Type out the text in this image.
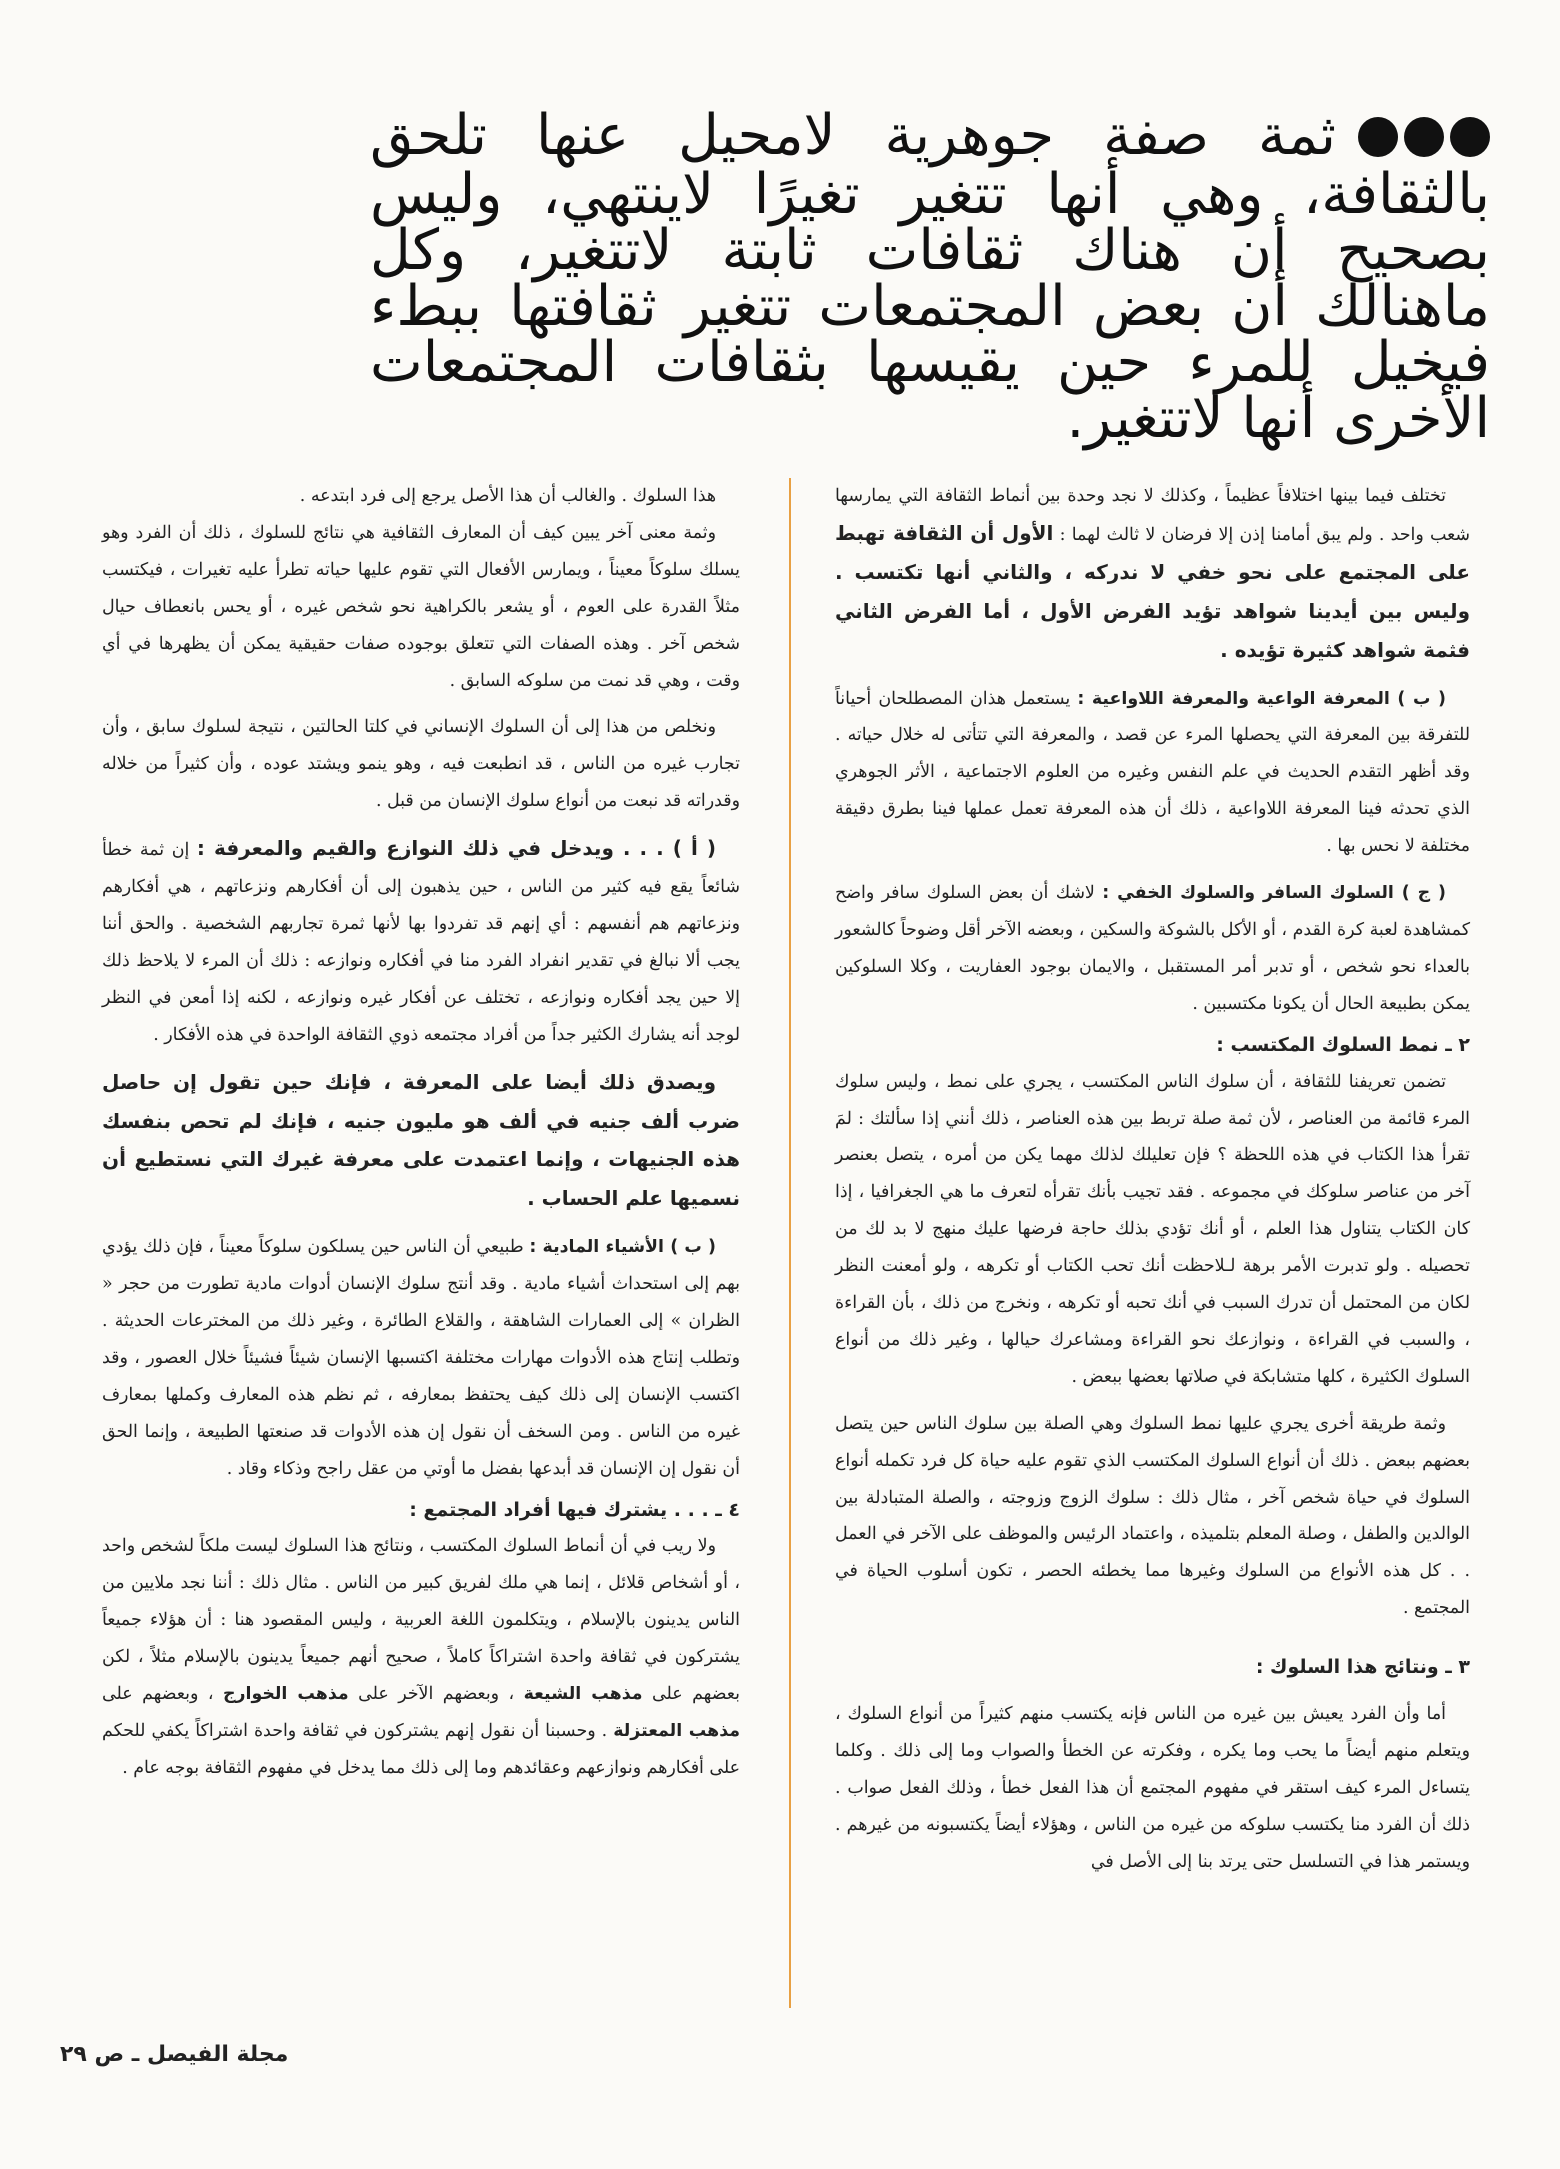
ثمة صفة جوهرية لامحيل عنها تلحق بالثقافة، وهي أنها تتغير تغيرًا لاينتهي، وليس بصحيح أن هناك ثقافات ثابتة لاتتغير، وكل ماهنالك أن بعض المجتمعات تتغير ثقافتها ببطء فيخيل للمرء حين يقيسها بثقافات المجتمعات الأخرى أنها لاتتغير.

تختلف فيما بينها اختلافاً عظيماً ، وكذلك لا نجد وحدة بين أنماط الثقافة التي يمارسها شعب واحد . ولم يبق أمامنا إذن إلا فرضان لا ثالث لهما : الأول أن الثقافة تهبط على المجتمع على نحو خفي لا ندركه ، والثاني أنها تكتسب . وليس بين أيدينا شواهد تؤيد الفرض الأول ، أما الفرض الثاني فثمة شواهد كثيرة تؤيده .

( ب ) المعرفة الواعية والمعرفة اللاواعية : يستعمل هذان المصطلحان أحياناً للتفرقة بين المعرفة التي يحصلها المرء عن قصد ، والمعرفة التي تتأتى له خلال حياته . وقد أظهر التقدم الحديث في علم النفس وغيره من العلوم الاجتماعية ، الأثر الجوهري الذي تحدثه فينا المعرفة اللاواعية ، ذلك أن هذه المعرفة تعمل عملها فينا بطرق دقيقة مختلفة لا نحس بها .

( ج ) السلوك السافر والسلوك الخفي : لاشك أن بعض السلوك سافر واضح كمشاهدة لعبة كرة القدم ، أو الأكل بالشوكة والسكين ، وبعضه الآخر أقل وضوحاً كالشعور بالعداء نحو شخص ، أو تدبر أمر المستقبل ، والايمان بوجود العفاريت ، وكلا السلوكين يمكن بطبيعة الحال أن يكونا مكتسبين .

٢ ـ نمط السلوك المكتسب :

تضمن تعريفنا للثقافة ، أن سلوك الناس المكتسب ، يجري على نمط ، وليس سلوك المرء قائمة من العناصر ، لأن ثمة صلة تربط بين هذه العناصر ، ذلك أنني إذا سألتك : لمَ تقرأ هذا الكتاب في هذه اللحظة ؟ فإن تعليلك لذلك مهما يكن من أمره ، يتصل بعنصر آخر من عناصر سلوكك في مجموعه . فقد تجيب بأنك تقرأه لتعرف ما هي الجغرافيا ، إذا كان الكتاب يتناول هذا العلم ، أو أنك تؤدي بذلك حاجة فرضها عليك منهج لا بد لك من تحصيله . ولو تدبرت الأمر برهة لـلاحظت أنك تحب الكتاب أو تكرهه ، ولو أمعنت النظر لكان من المحتمل أن تدرك السبب في أنك تحبه أو تكرهه ، ونخرج من ذلك ، بأن القراءة ، والسبب في القراءة ، ونوازعك نحو القراءة ومشاعرك حيالها ، وغير ذلك من أنواع السلوك الكثيرة ، كلها متشابكة في صلاتها بعضها ببعض .

وثمة طريقة أخرى يجري عليها نمط السلوك وهي الصلة بين سلوك الناس حين يتصل بعضهم ببعض . ذلك أن أنواع السلوك المكتسب الذي تقوم عليه حياة كل فرد تكمله أنواع السلوك في حياة شخص آخر ، مثال ذلك : سلوك الزوج وزوجته ، والصلة المتبادلة بين الوالدين والطفل ، وصلة المعلم بتلميذه ، واعتماد الرئيس والموظف على الآخر في العمل . . كل هذه الأنواع من السلوك وغيرها مما يخطئه الحصر ، تكون أسلوب الحياة في المجتمع .

٣ ـ ونتائج هذا السلوك :

أما وأن الفرد يعيش بين غيره من الناس فإنه يكتسب منهم كثيراً من أنواع السلوك ، ويتعلم منهم أيضاً ما يحب وما يكره ، وفكرته عن الخطأ والصواب وما إلى ذلك . وكلما يتساءل المرء كيف استقر في مفهوم المجتمع أن هذا الفعل خطأ ، وذلك الفعل صواب . ذلك أن الفرد منا يكتسب سلوكه من غيره من الناس ، وهؤلاء أيضاً يكتسبونه من غيرهم . ويستمر هذا في التسلسل حتى يرتد بنا إلى الأصل في

هذا السلوك . والغالب أن هذا الأصل يرجع إلى فرد ابتدعه .

وثمة معنى آخر يبين كيف أن المعارف الثقافية هي نتائج للسلوك ، ذلك أن الفرد وهو يسلك سلوكاً معيناً ، ويمارس الأفعال التي تقوم عليها حياته تطرأ عليه تغيرات ، فيكتسب مثلاً القدرة على العوم ، أو يشعر بالكراهية نحو شخص غيره ، أو يحس بانعطاف حيال شخص آخر . وهذه الصفات التي تتعلق بوجوده صفات حقيقية يمكن أن يظهرها في أي وقت ، وهي قد نمت من سلوكه السابق .

ونخلص من هذا إلى أن السلوك الإنساني في كلتا الحالتين ، نتيجة لسلوك سابق ، وأن تجارب غيره من الناس ، قد انطبعت فيه ، وهو ينمو ويشتد عوده ، وأن كثيراً من خلاله وقدراته قد نبعت من أنواع سلوك الإنسان من قبل .

( أ ) . . . ويدخل في ذلك النوازع والقيم والمعرفة : إن ثمة خطأ شائعاً يقع فيه كثير من الناس ، حين يذهبون إلى أن أفكارهم ونزعاتهم ، هي أفكارهم ونزعاتهم هم أنفسهم : أي إنهم قد تفردوا بها لأنها ثمرة تجاربهم الشخصية . والحق أننا يجب ألا نبالغ في تقدير انفراد الفرد منا في أفكاره ونوازعه : ذلك أن المرء لا يلاحظ ذلك إلا حين يجد أفكاره ونوازعه ، تختلف عن أفكار غيره ونوازعه ، لكنه إذا أمعن في النظر لوجد أنه يشارك الكثير جداً من أفراد مجتمعه ذوي الثقافة الواحدة في هذه الأفكار .

ويصدق ذلك أيضا على المعرفة ، فإنك حين تقول إن حاصل ضرب ألف جنيه في ألف هو مليون جنيه ، فإنك لم تحص بنفسك هذه الجنيهات ، وإنما اعتمدت على معرفة غيرك التي نستطيع أن نسميها علم الحساب .

( ب ) الأشياء المادية : طبيعي أن الناس حين يسلكون سلوكاً معيناً ، فإن ذلك يؤدي بهم إلى استحداث أشياء مادية . وقد أنتج سلوك الإنسان أدوات مادية تطورت من حجر « الظران » إلى العمارات الشاهقة ، والقلاع الطائرة ، وغير ذلك من المخترعات الحديثة . وتطلب إنتاج هذه الأدوات مهارات مختلفة اكتسبها الإنسان شيئاً فشيئاً خلال العصور ، وقد اكتسب الإنسان إلى ذلك كيف يحتفظ بمعارفه ، ثم نظم هذه المعارف وكملها بمعارف غيره من الناس . ومن السخف أن نقول إن هذه الأدوات قد صنعتها الطبيعة ، وإنما الحق أن نقول إن الإنسان قد أبدعها بفضل ما أوتي من عقل راجح وذكاء وقاد .

٤ ـ . . . يشترك فيها أفراد المجتمع :

ولا ريب في أن أنماط السلوك المكتسب ، ونتائج هذا السلوك ليست ملكاً لشخص واحد ، أو أشخاص قلائل ، إنما هي ملك لفريق كبير من الناس . مثال ذلك : أننا نجد ملايين من الناس يدينون بالإسلام ، ويتكلمون اللغة العربية ، وليس المقصود هنا : أن هؤلاء جميعاً يشتركون في ثقافة واحدة اشتراكاً كاملاً ، صحيح أنهم جميعاً يدينون بالإسلام مثلاً ، لكن بعضهم على مذهب الشيعة ، وبعضهم الآخر على مذهب الخوارج ، وبعضهم على مذهب المعتزلة . وحسبنا أن نقول إنهم يشتركون في ثقافة واحدة اشتراكاً يكفي للحكم على أفكارهم ونوازعهم وعقائدهم وما إلى ذلك مما يدخل في مفهوم الثقافة بوجه عام .

مجلة الفيصل ـ ص ٢٩
